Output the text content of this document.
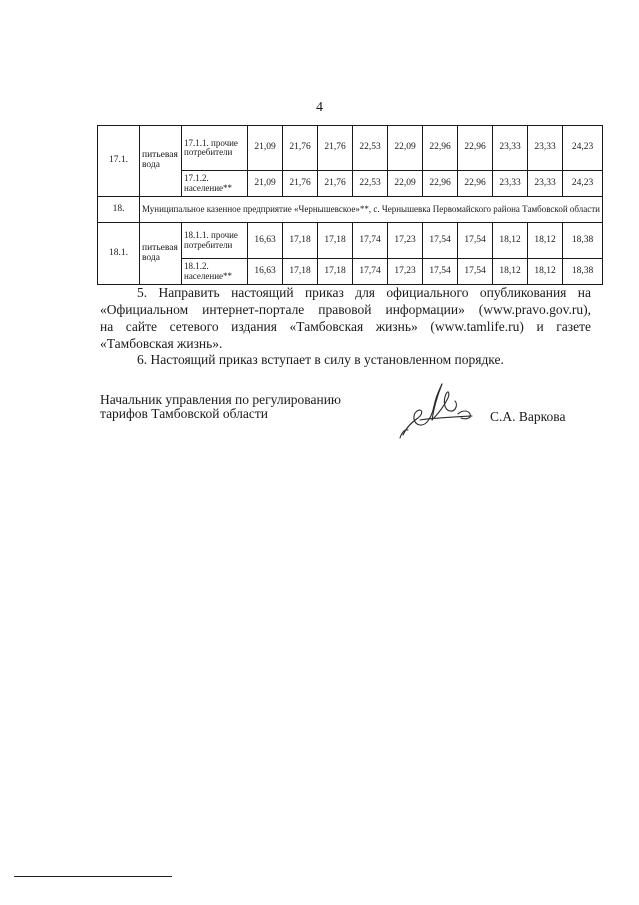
4
17.1.	питьевая вода	17.1.1. прочие потребители	21,09	21,76	21,76	22,53	22,09	22,96	22,96	23,33	23,33	24,23
		17.1.2. население**	21,09	21,76	21,76	22,53	22,09	22,96	22,96	23,33	23,33	24,23
18.	Муниципальное казенное предприятие «Чернышевское»**, с. Чернышевка Первомайского района Тамбовской области											
18.1.	питьевая вода	18.1.1. прочие потребители	16,63	17,18	17,18	17,74	17,23	17,54	17,54	18,12	18,12	18,38
		18.1.2. население**	16,63	17,18	17,18	17,74	17,23	17,54	17,54	18,12	18,12	18,38
5. Направить настоящий приказ для официального опубликования на
«Официальном интернет-портале правовой информации» (www.pravo.gov.ru),
на сайте сетевого издания «Тамбовская жизнь» (www.tamlife.ru) и газете
«Тамбовская жизнь».
6. Настоящий приказ вступает в силу в установленном порядке.
Начальник управления по регулированию
тарифов Тамбовской области	С.А. Варкова
